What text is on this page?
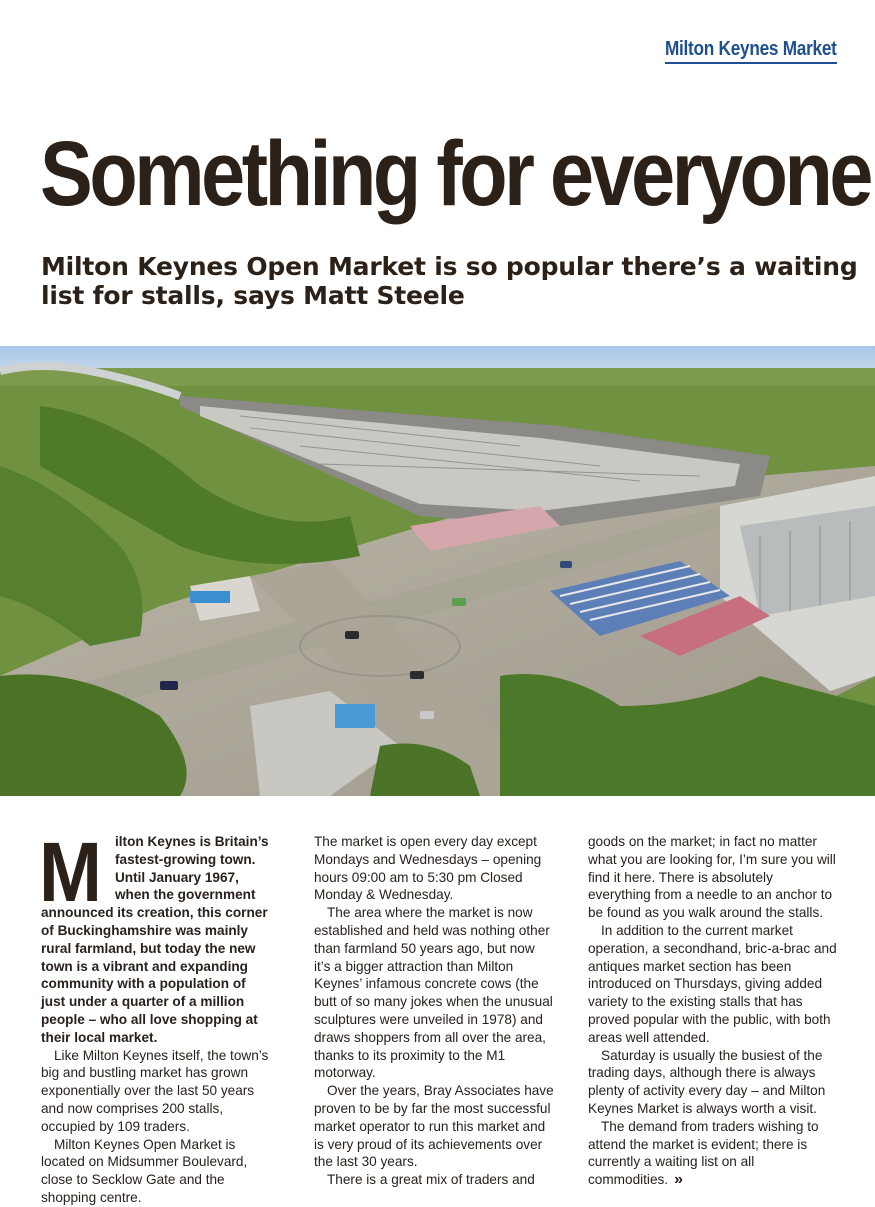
Milton Keynes Market
Something for everyone
Milton Keynes Open Market is so popular there’s a waiting list for stalls, says Matt Steele

Milton Keynes is Britain’s fastest-growing town. Until January 1967, when the government announced its creation, this corner of Buckinghamshire was mainly rural farmland, but today the new town is a vibrant and expanding community with a population of just under a quarter of a million people – who all love shopping at their local market.

Like Milton Keynes itself, the town’s big and bustling market has grown exponentially over the last 50 years and now comprises 200 stalls, occupied by 109 traders.

Milton Keynes Open Market is located on Midsummer Boulevard, close to Secklow Gate and the shopping centre.

The market is open every day except Mondays and Wednesdays – opening hours 09:00 am to 5:30 pm Closed Monday & Wednesday.

The area where the market is now established and held was nothing other than farmland 50 years ago, but now it’s a bigger attraction than Milton Keynes’ infamous concrete cows (the butt of so many jokes when the unusual sculptures were unveiled in 1978) and draws shoppers from all over the area, thanks to its proximity to the M1 motorway.

Over the years, Bray Associates have proven to be by far the most successful market operator to run this market and is very proud of its achievements over the last 30 years.

There is a great mix of traders and

goods on the market; in fact no matter what you are looking for, I’m sure you will find it here. There is absolutely everything from a needle to an anchor to be found as you walk around the stalls.

In addition to the current market operation, a secondhand, bric-a-brac and antiques market section has been introduced on Thursdays, giving added variety to the existing stalls that has proved popular with the public, with both areas well attended.

Saturday is usually the busiest of the trading days, although there is always plenty of activity every day – and Milton Keynes Market is always worth a visit.

The demand from traders wishing to attend the market is evident; there is currently a waiting list on all commodities. »
